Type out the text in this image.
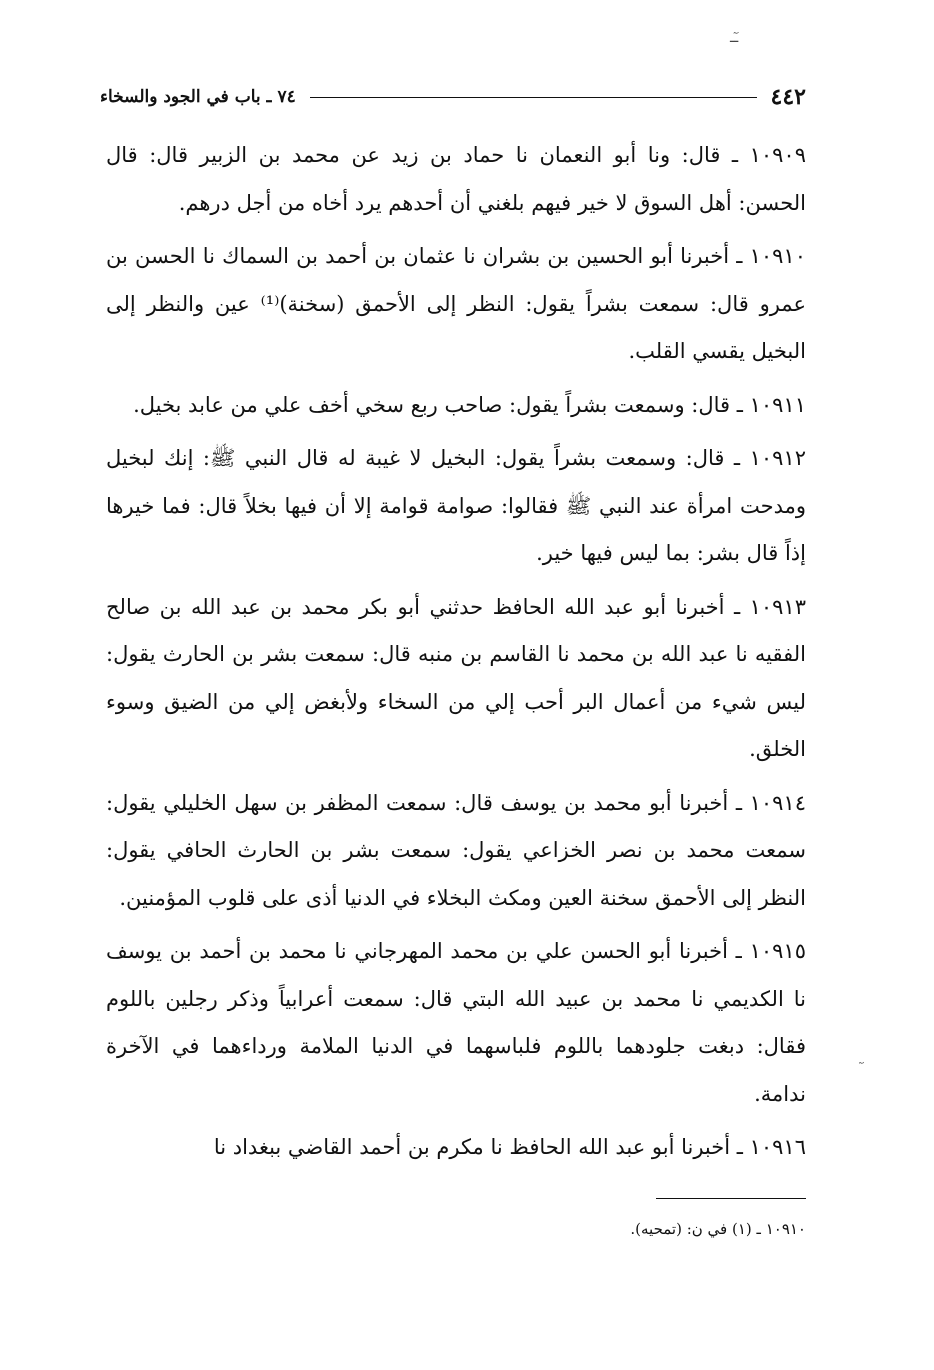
ـٓـ
٤٤٢
٧٤ ـ باب في الجود والسخاء

١٠٩٠٩ ـ قال: ونا أبو النعمان نا حماد بن زيد عن محمد بن الزبير قال: قال الحسن: أهل السوق لا خير فيهم بلغني أن أحدهم يرد أخاه من أجل درهم.

١٠٩١٠ ـ أخبرنا أبو الحسين بن بشران نا عثمان بن أحمد بن السماك نا الحسن بن عمرو قال: سمعت بشراً يقول: النظر إلى الأحمق (سخنة)⁽¹⁾ عين والنظر إلى البخيل يقسي القلب.

١٠٩١١ ـ قال: وسمعت بشراً يقول: صاحب ربع سخي أخف علي من عابد بخيل.

١٠٩١٢ ـ قال: وسمعت بشراً يقول: البخيل لا غيبة له قال النبي ﷺ: إنك لبخيل ومدحت امرأة عند النبي ﷺ فقالوا: صوامة قوامة إلا أن فيها بخلاً قال: فما خيرها إذاً قال بشر: بما ليس فيها خير.

١٠٩١٣ ـ أخبرنا أبو عبد الله الحافظ حدثني أبو بكر محمد بن عبد الله بن صالح الفقيه نا عبد الله بن محمد نا القاسم بن منبه قال: سمعت بشر بن الحارث يقول: ليس شيء من أعمال البر أحب إلي من السخاء ولأبغض إلي من الضيق وسوء الخلق.

١٠٩١٤ ـ أخبرنا أبو محمد بن يوسف قال: سمعت المظفر بن سهل الخليلي يقول: سمعت محمد بن نصر الخزاعي يقول: سمعت بشر بن الحارث الحافي يقول: النظر إلى الأحمق سخنة العين ومكث البخلاء في الدنيا أذى على قلوب المؤمنين.

١٠٩١٥ ـ أخبرنا أبو الحسن علي بن محمد المهرجاني نا محمد بن أحمد بن يوسف نا الكديمي نا محمد بن عبيد الله البتي قال: سمعت أعرابياً وذكر رجلين باللوم فقال: دبغت جلودهما باللوم فلباسهما في الدنيا الملامة ورداءهما في الآخرة ندامة.

١٠٩١٦ ـ أخبرنا أبو عبد الله الحافظ نا مكرم بن أحمد القاضي ببغداد نا

١٠٩١٠ ـ (١) في ن: (تمحيه).
